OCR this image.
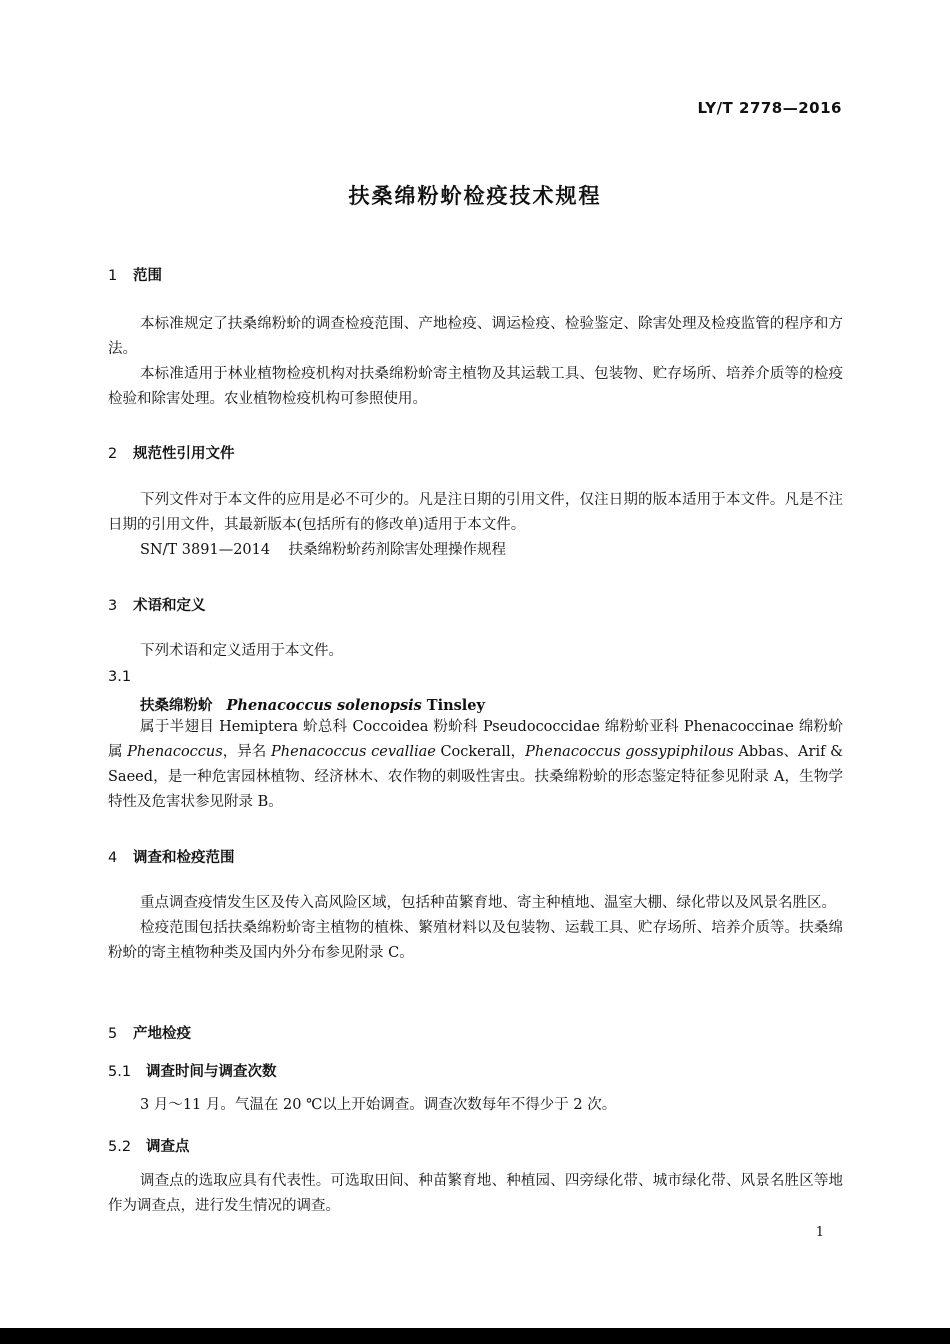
LY/T 2778—2016
扶桑绵粉蚧检疫技术规程
1 范围

本标准规定了扶桑绵粉蚧的调查检疫范围、产地检疫、调运检疫、检验鉴定、除害处理及检疫监管的程序和方法。

本标准适用于林业植物检疫机构对扶桑绵粉蚧寄主植物及其运载工具、包装物、贮存场所、培养介质等的检疫检验和除害处理。农业植物检疫机构可参照使用。

2 规范性引用文件

下列文件对于本文件的应用是必不可少的。凡是注日期的引用文件，仅注日期的版本适用于本文件。凡是不注日期的引用文件，其最新版本(包括所有的修改单)适用于本文件。

SN/T 3891—2014 扶桑绵粉蚧药剂除害处理操作规程

3 术语和定义

下列术语和定义适用于本文件。

3.1
扶桑绵粉蚧 Phenacoccus solenopsis Tinsley

属于半翅目 Hemiptera 蚧总科 Coccoidea 粉蚧科 Pseudococcidae 绵粉蚧亚科 Phenacoccinae 绵粉蚧属 Phenacoccus，异名 Phenacoccus cevalliae Cockerall，Phenacoccus gossypiphilous Abbas、Arif & Saeed，是一种危害园林植物、经济林木、农作物的刺吸性害虫。扶桑绵粉蚧的形态鉴定特征参见附录 A，生物学特性及危害状参见附录 B。

4 调查和检疫范围

重点调查疫情发生区及传入高风险区域，包括种苗繁育地、寄主种植地、温室大棚、绿化带以及风景名胜区。

检疫范围包括扶桑绵粉蚧寄主植物的植株、繁殖材料以及包装物、运载工具、贮存场所、培养介质等。扶桑绵粉蚧的寄主植物种类及国内外分布参见附录 C。

5 产地检疫
5.1 调查时间与调查次数

3 月～11 月。气温在 20 ℃以上开始调查。调查次数每年不得少于 2 次。

5.2 调查点

调查点的选取应具有代表性。可选取田间、种苗繁育地、种植园、四旁绿化带、城市绿化带、风景名胜区等地作为调查点，进行发生情况的调查。

1
